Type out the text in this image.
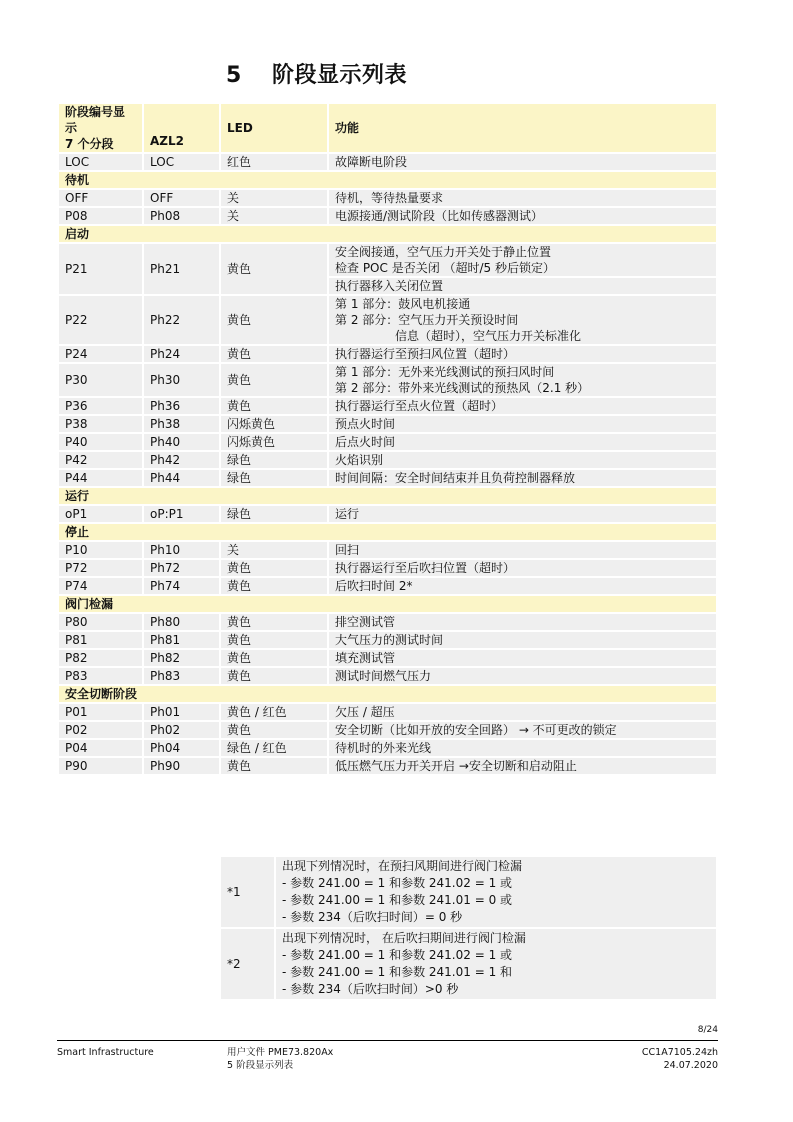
5 阶段显示列表
阶段编号显示
7 个分段	AZL2	LED	功能
LOC	LOC	红色	故障断电阶段

待机			
OFF	OFF	关	待机，等待热量要求

P08	Ph08	关	电源接通/测试阶段（比如传感器测试）

启动			
P21	Ph21	黄色	安全阀接通，空气压力开关处于静止位置
检查 POC 是否关闭 （超时/5 秒后锁定）

			执行器移入关闭位置
P22	Ph22	黄色	第 1 部分：鼓风电机接通
第 2 部分：空气压力开关预设时间
信息（超时），空气压力开关标准化

P24	Ph24	黄色	执行器运行至预扫风位置（超时）

P30	Ph30	黄色	第 1 部分：无外来光线测试的预扫风时间
第 2 部分：带外来光线测试的预热风（2.1 秒）

P36	Ph36	黄色	执行器运行至点火位置（超时）

P38	Ph38	闪烁黄色	预点火时间

P40	Ph40	闪烁黄色	后点火时间

P42	Ph42	绿色	火焰识别

P44	Ph44	绿色	时间间隔：安全时间结束并且负荷控制器释放

运行			
oP1	oP:P1	绿色	运行

停止			
P10	Ph10	关	回扫

P72	Ph72	黄色	执行器运行至后吹扫位置（超时）

P74	Ph74	黄色	后吹扫时间 2*

阀门检漏			
P80	Ph80	黄色	排空测试管

P81	Ph81	黄色	大气压力的测试时间

P82	Ph82	黄色	填充测试管

P83	Ph83	黄色	测试时间燃气压力

安全切断阶段			
P01	Ph01	黄色 / 红色	欠压 / 超压

P02	Ph02	黄色	安全切断（比如开放的安全回路） → 不可更改的锁定

P04	Ph04	绿色 / 红色	待机时的外来光线

P90	Ph90	黄色	低压燃气压力开关开启 →安全切断和启动阻止
*1	出现下列情况时，在预扫风期间进行阀门检漏
- 参数 241.00 = 1 和参数 241.02 = 1 或
- 参数 241.00 = 1 和参数 241.01 = 0 或
- 参数 234（后吹扫时间）= 0 秒

*2	出现下列情况时， 在后吹扫期间进行阀门检漏
- 参数 241.00 = 1 和参数 241.02 = 1 或
- 参数 241.00 = 1 和参数 241.01 = 1 和
- 参数 234（后吹扫时间）>0 秒
8/24
Smart Infrastructure	用户文件 PME73.820Ax
5 阶段显示列表
CC1A7105.24zh
24.07.2020
